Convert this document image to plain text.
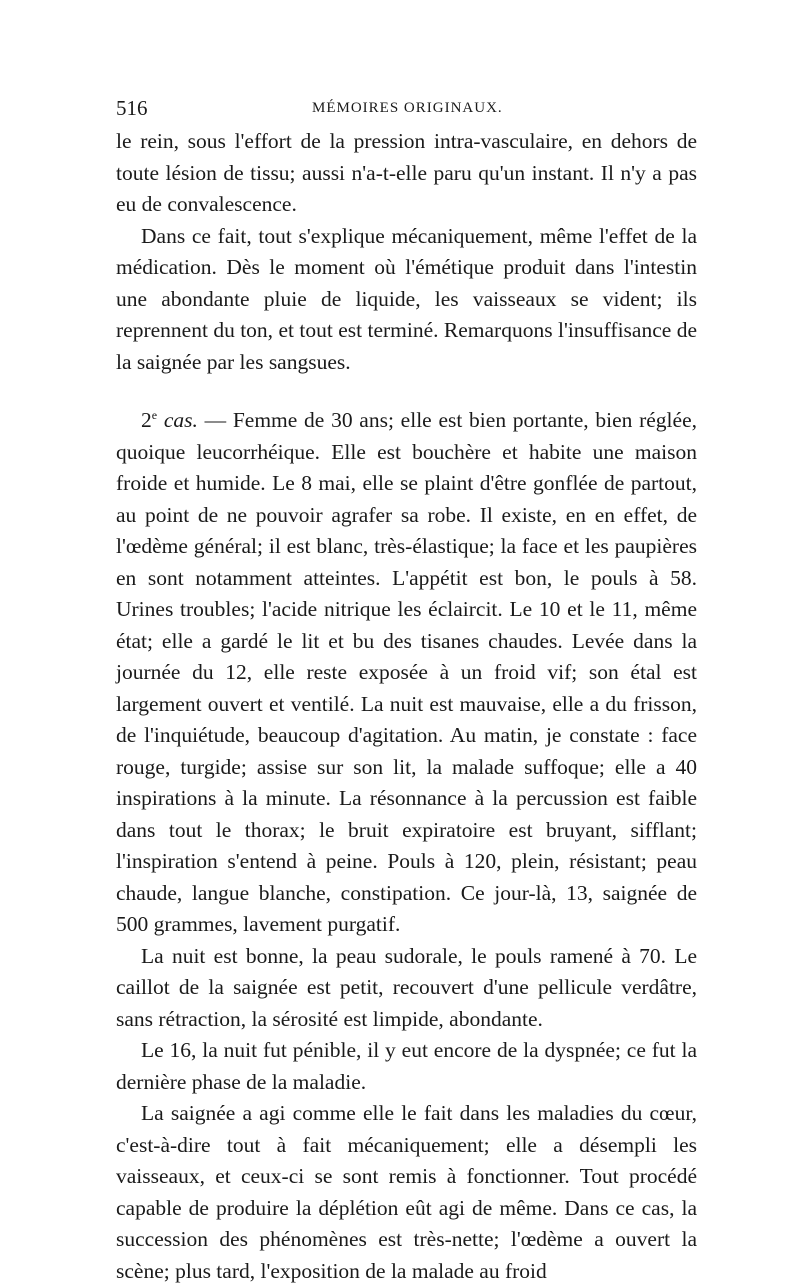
516	MÉMOIRES ORIGINAUX.

le rein, sous l'effort de la pression intra-vasculaire, en dehors de toute lésion de tissu; aussi n'a-t-elle paru qu'un instant. Il n'y a pas eu de convalescence.

Dans ce fait, tout s'explique mécaniquement, même l'effet de la médication. Dès le moment où l'émétique produit dans l'intestin une abondante pluie de liquide, les vaisseaux se vident; ils reprennent du ton, et tout est terminé. Remarquons l'insuffisance de la saignée par les sangsues.

2e cas. — Femme de 30 ans; elle est bien portante, bien réglée, quoique leucorrhéique. Elle est bouchère et habite une maison froide et humide. Le 8 mai, elle se plaint d'être gonflée de partout, au point de ne pouvoir agrafer sa robe. Il existe, en en effet, de l'œdème général; il est blanc, très-élastique; la face et les paupières en sont notamment atteintes. L'appétit est bon, le pouls à 58. Urines troubles; l'acide nitrique les éclaircit. Le 10 et le 11, même état; elle a gardé le lit et bu des tisanes chaudes. Levée dans la journée du 12, elle reste exposée à un froid vif; son étal est largement ouvert et ventilé. La nuit est mauvaise, elle a du frisson, de l'inquiétude, beaucoup d'agitation. Au matin, je constate : face rouge, turgide; assise sur son lit, la malade suffoque; elle a 40 inspirations à la minute. La résonnance à la percussion est faible dans tout le thorax; le bruit expiratoire est bruyant, sifflant; l'inspiration s'entend à peine. Pouls à 120, plein, résistant; peau chaude, langue blanche, constipation. Ce jour-là, 13, saignée de 500 grammes, lavement purgatif.

La nuit est bonne, la peau sudorale, le pouls ramené à 70. Le caillot de la saignée est petit, recouvert d'une pellicule verdâtre, sans rétraction, la sérosité est limpide, abondante.

Le 16, la nuit fut pénible, il y eut encore de la dyspnée; ce fut la dernière phase de la maladie.

La saignée a agi comme elle le fait dans les maladies du cœur, c'est-à-dire tout à fait mécaniquement; elle a désempli les vaisseaux, et ceux-ci se sont remis à fonctionner. Tout procédé capable de produire la déplétion eût agi de même. Dans ce cas, la succession des phénomènes est très-nette; l'œdème a ouvert la scène; plus tard, l'exposition de la malade au froid
